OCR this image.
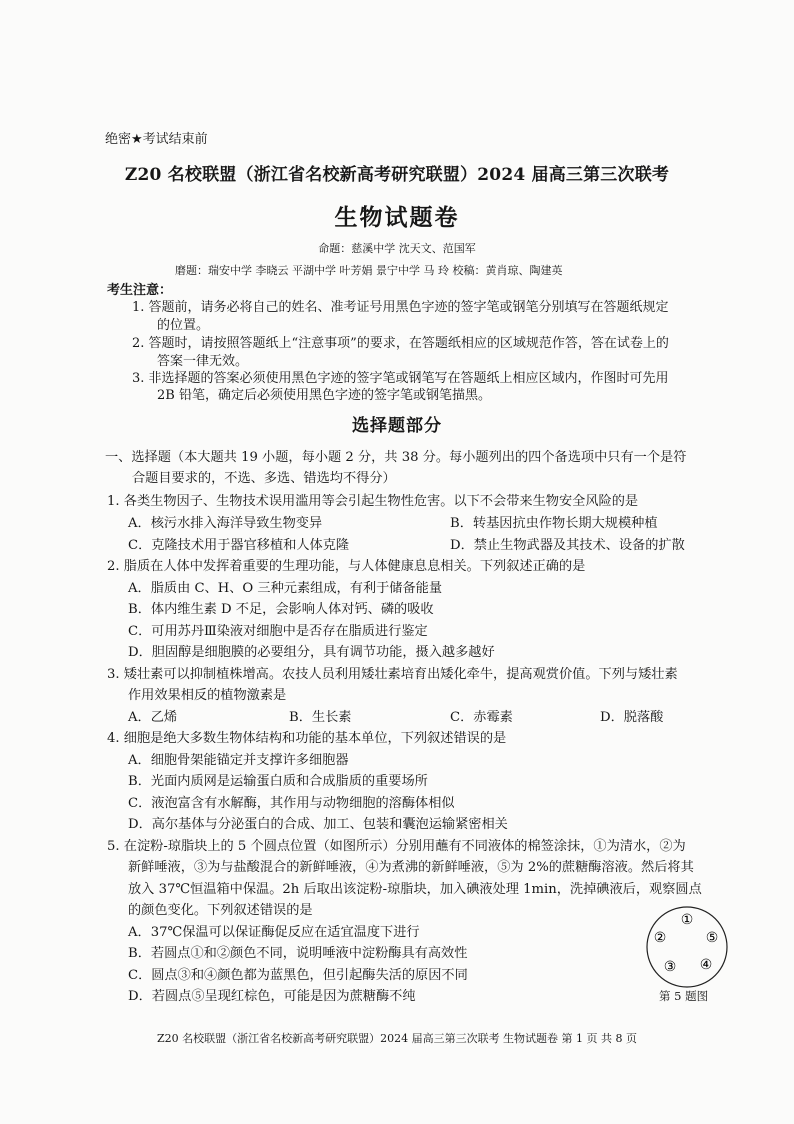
绝密★考试结束前
Z20 名校联盟（浙江省名校新高考研究联盟）2024 届高三第三次联考
生物试题卷
命题：慈溪中学 沈天文、范国军
磨题：瑞安中学 李晓云 平湖中学 叶芳娟 景宁中学 马 玲 校稿：黄肖琼、陶建英
考生注意：
1. 答题前，请务必将自己的姓名、准考证号用黑色字迹的签字笔或钢笔分别填写在答题纸规定
的位置。
2. 答题时，请按照答题纸上“注意事项”的要求，在答题纸相应的区域规范作答，答在试卷上的
答案一律无效。
3. 非选择题的答案必须使用黑色字迹的签字笔或钢笔写在答题纸上相应区域内，作图时可先用
2B 铅笔，确定后必须使用黑色字迹的签字笔或钢笔描黑。
选择题部分
一、选择题（本大题共 19 小题，每小题 2 分，共 38 分。每小题列出的四个备选项中只有一个是符
合题目要求的，不选、多选、错选均不得分）
1. 各类生物因子、生物技术误用滥用等会引起生物性危害。以下不会带来生物安全风险的是
A．核污水排入海洋导致生物变异	B．转基因抗虫作物长期大规模种植
C．克隆技术用于器官移植和人体克隆	D．禁止生物武器及其技术、设备的扩散
2. 脂质在人体中发挥着重要的生理功能，与人体健康息息相关。下列叙述正确的是
A．脂质由 C、H、O 三种元素组成，有利于储备能量
B．体内维生素 D 不足，会影响人体对钙、磷的吸收
C．可用苏丹Ⅲ染液对细胞中是否存在脂质进行鉴定
D．胆固醇是细胞膜的必要组分，具有调节功能，摄入越多越好
3. 矮壮素可以抑制植株增高。农技人员利用矮壮素培育出矮化牵牛，提高观赏价值。下列与矮壮素
作用效果相反的植物激素是
A．乙烯	B．生长素	C．赤霉素	D．脱落酸
4. 细胞是绝大多数生物体结构和功能的基本单位，下列叙述错误的是
A．细胞骨架能锚定并支撑许多细胞器
B．光面内质网是运输蛋白质和合成脂质的重要场所
C．液泡富含有水解酶，其作用与动物细胞的溶酶体相似
D．高尔基体与分泌蛋白的合成、加工、包装和囊泡运输紧密相关
5. 在淀粉-琼脂块上的 5 个圆点位置（如图所示）分别用蘸有不同液体的棉签涂抹，①为清水，②为
新鲜唾液，③为与盐酸混合的新鲜唾液，④为煮沸的新鲜唾液，⑤为 2%的蔗糖酶溶液。然后将其
放入 37℃恒温箱中保温。2h 后取出该淀粉-琼脂块，加入碘液处理 1min，洗掉碘液后，观察圆点
的颜色变化。下列叙述错误的是
A．37℃保温可以保证酶促反应在适宜温度下进行
B．若圆点①和②颜色不同，说明唾液中淀粉酶具有高效性
C．圆点③和④颜色都为蓝黑色，但引起酶失活的原因不同
D．若圆点⑤呈现红棕色，可能是因为蔗糖酶不纯
①
②
③ ④
⑤
第 5 题图
Z20 名校联盟（浙江省名校新高考研究联盟）2024 届高三第三次联考 生物试题卷 第 1 页 共 8 页
